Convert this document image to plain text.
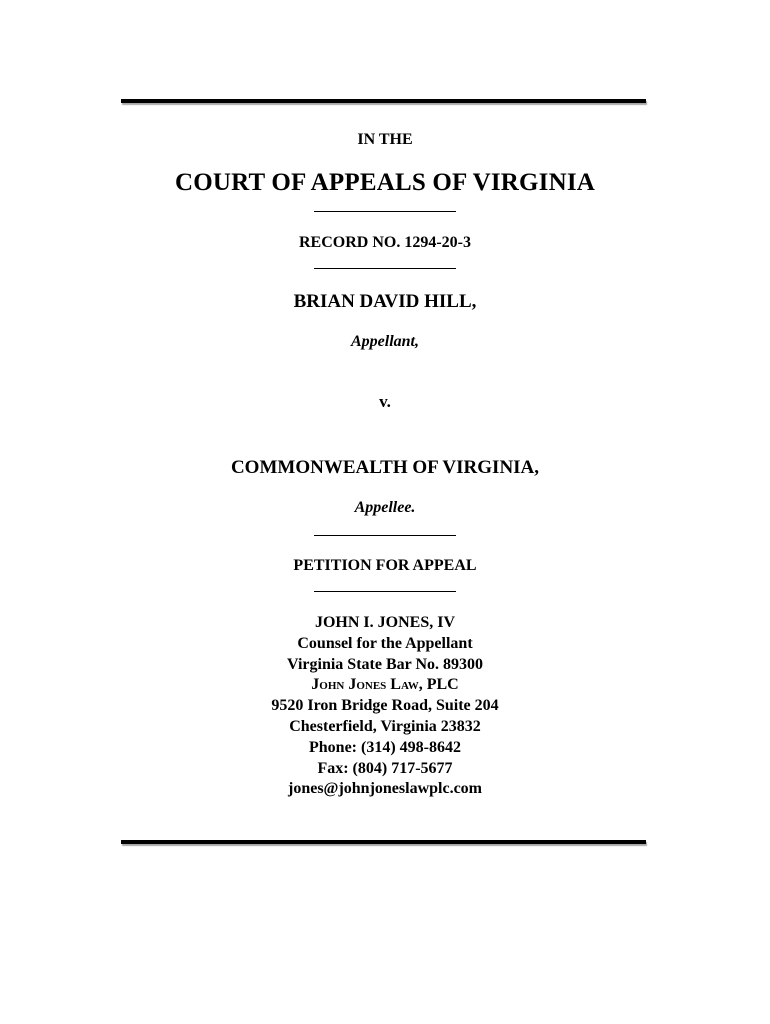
IN THE
COURT OF APPEALS OF VIRGINIA
RECORD NO. 1294-20-3
BRIAN DAVID HILL,
Appellant,
v.
COMMONWEALTH OF VIRGINIA,
Appellee.
PETITION FOR APPEAL
JOHN I. JONES, IV
Counsel for the Appellant
Virginia State Bar No. 89300
John Jones Law, PLC
9520 Iron Bridge Road, Suite 204
Chesterfield, Virginia 23832
Phone: (314) 498-8642
Fax: (804) 717-5677
jones@johnjoneslawplc.com
